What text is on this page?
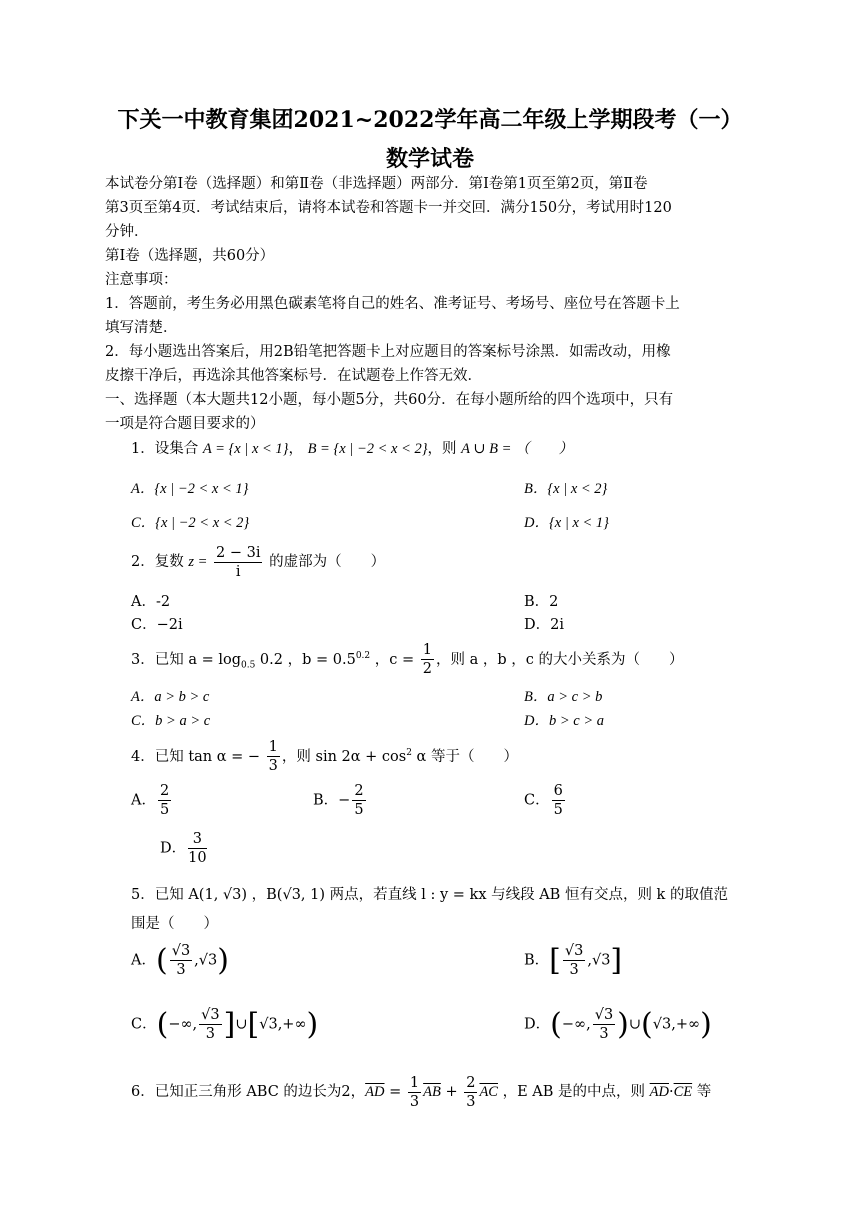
下关一中教育集团2021~2022学年高二年级上学期段考（一）
数学试卷
本试卷分第Ⅰ卷（选择题）和第Ⅱ卷（非选择题）两部分．第Ⅰ卷第1页至第2页，第Ⅱ卷
第3页至第4页．考试结束后，请将本试卷和答题卡一并交回．满分150分，考试用时120
分钟．
第Ⅰ卷（选择题，共60分）
注意事项：
1．答题前，考生务必用黑色碳素笔将自己的姓名、准考证号、考场号、座位号在答题卡上
填写清楚．
2．每小题选出答案后，用2B铅笔把答题卡上对应题目的答案标号涂黑．如需改动，用橡
皮擦干净后，再选涂其他答案标号．在试题卷上作答无效．
一、选择题（本大题共12小题，每小题5分，共60分．在每小题所给的四个选项中，只有
一项是符合题目要求的）
1．设集合 A = {x | x < 1}， B = {x | −2 < x < 2}，则 A ∪ B = （　　）
A．{x | −2 < x < 1}	B．{x | x < 2}
C．{x | −2 < x < 2}	D．{x | x < 1}
2．复数 $z = \frac{2 - 3i}{i}$ 的虚部为（　　）
A．-2	B．2
C．−2i	D．2i
3．已知 $a = \log_{0.5} 0.2$ ，$b = 0.5^{0.2}$ ，$c = \frac{1}{2}$ ，则 a ，b ，c 的大小关系为（　　）
A．a > b > c	B．a > c > b
C．b > a > c	D．b > c > a
4．已知 tan α = − $\frac{1}{3}$ ，则 $\sin 2\alpha + \cos^2 \alpha$ 等于（　　）
A． $\frac{2}{5}$	B．− $\frac{2}{5}$	C． $\frac{6}{5}$
D． $\frac{3}{10}$
5．已知 A(1, √3) ，B(√3, 1) 两点，若直线 l : y = kx 与线段 AB 恒有交点，则 k 的取值范
围是（　　）
A．( $\frac{√3}{3} ,√3$)	B．[ $\frac{√3}{3} ,√3$]
C．(−∞, $\frac{√3}{3}$ ]∪[√3,+∞)	D．(−∞, $\frac{√3}{3}$ )∪(√3,+∞)
6．已知正三角形 ABC 的边长为2，$\overline{AD} = \frac{1}{3} \overline{AB} + \frac{2}{3} \overline{AC}$ ，E AB 是的中点，则 $\overline{AD}\cdot\overline{CE}$ 等
